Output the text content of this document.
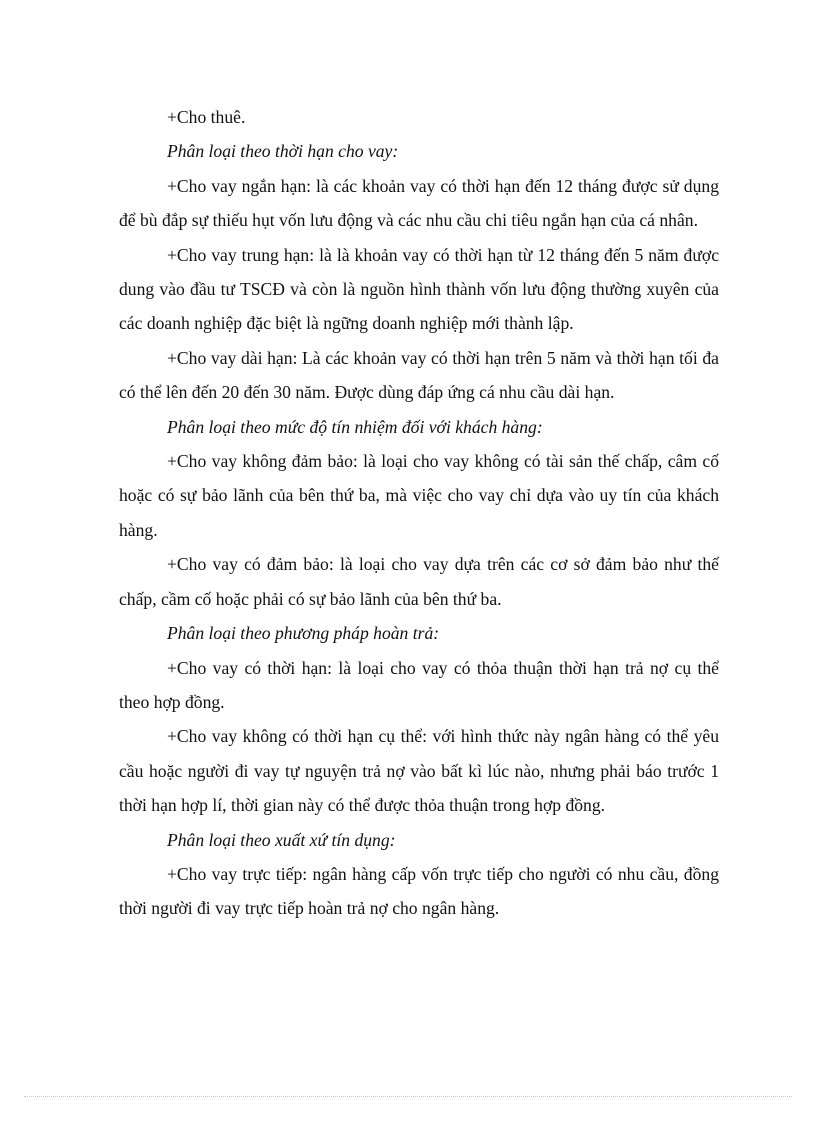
+Cho thuê.

Phân loại theo thời hạn cho vay:

+Cho vay ngắn hạn: là các khoản vay có thời hạn đến 12 tháng được sử dụng để bù đắp sự thiếu hụt vốn lưu động và các nhu cầu chi tiêu ngắn hạn của cá nhân.

+Cho vay trung hạn: là là khoản vay có thời hạn từ 12 tháng đến 5 năm được dung vào đầu tư TSCĐ và còn là nguồn hình thành vốn lưu động thường xuyên của các doanh nghiệp đặc biệt là ngững doanh nghiệp mới thành lập.

+Cho vay dài hạn: Là các khoản vay có thời hạn trên 5 năm và thời hạn tối đa có thể lên đến 20 đến 30 năm. Được dùng đáp ứng cá nhu cầu dài hạn.

Phân loại theo mức độ tín nhiệm đối với khách hàng:

+Cho vay không đảm bảo: là loại cho vay không có tài sản thế chấp, câm cố hoặc có sự bảo lãnh của bên thứ ba, mà việc cho vay chỉ dựa vào uy tín của khách hàng.

+Cho vay có đảm bảo: là loại cho vay dựa trên các cơ sở đảm bảo như thế chấp, cầm cố hoặc phải có sự bảo lãnh của bên thứ ba.

Phân loại theo phương pháp hoàn trả:

+Cho vay có thời hạn: là loại cho vay có thỏa thuận thời hạn trả nợ cụ thể theo hợp đồng.

+Cho vay không có thời hạn cụ thể: với hình thức này ngân hàng có thể yêu cầu hoặc người đi vay tự nguyện trả nợ vào bất kì lúc nào, nhưng phải báo trước 1 thời hạn hợp lí, thời gian này có thể được thỏa thuận trong hợp đồng.

Phân loại theo xuất xứ tín dụng:

+Cho vay trực tiếp: ngân hàng cấp vốn trực tiếp cho người có nhu cầu, đồng thời người đi vay trực tiếp hoàn trả nợ cho ngân hàng.
